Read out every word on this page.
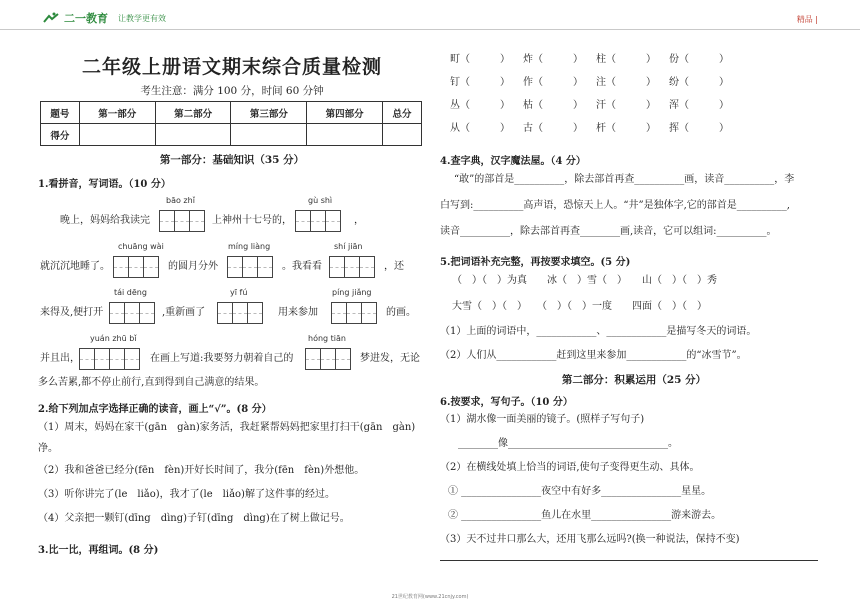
二一教育 让教学更有效	精品 |
二年级上册语文期末综合质量检测
考生注意：满分 100 分，时间 60 分钟
题号	第一部分	第二部分	第三部分	第四部分	总分
得分					
第一部分：基础知识（35 分）
1.看拼音，写词语。（10 分）
bāo zhǐ	gù shì
晚上，妈妈给我读完	上神州十七号的，	，
chuāng wài	míng liàng	shí jiān
就沉沉地睡了。	的圆月分外	。我看看	，还
tái dēng	yī fú	píng jiǎng
来得及,便打开	,重新画了	用来参加	的画。
yuán zhū bǐ	hóng tiān
并且出，	在画上写道:我要努力朝着自己的	梦进发，无论
多么苦累,都不停止前行,直到得到自己满意的结果。
2.给下列加点字选择正确的读音，画上“√”。(8 分）
（1）周末，妈妈在家干(gān　gàn)家务活，我赶紧帮妈妈把家里打扫干(gān　gàn)
净。
（2）我和爸爸已经分(fēn　fèn)开好长时间了，我分(fēn　fèn)外想他。
（3）听你讲完了(le　liǎo)，我才了(le　liǎo)解了这件事的经过。
（4）父亲把一颗钉(dīng　dìng)子钉(dīng　dìng)在了树上做记号。
3.比一比，再组词。(8 分)
町（　　　）	炸（　　　）	柱（　　　）	份（　　　）
钉（　　　）	作（　　　）	注（　　　）	纷（　　　）
丛（　　　）	枯（　　　）	汗（　　　）	浑（　　　）
从（　　　）	古（　　　）	杆（　　　）	挥（　　　）
4.查字典，汉字魔法屋。（4 分）
“敢”的部首是__________，除去部首再查__________画，读音__________，李
白写到:__________高声语，恐惊天上人。“井”是独体字,它的部首是__________,
读音__________，除去部首再查________画,读音，它可以组词:__________。
5.把词语补充完整，再按要求填空。(5 分)
（　）（　）为真　　冰（　）雪（　）　　山（　）（　）秀
大雪（　）（　）　　（　）（　）一度　　四面（　）（　）
（1）上面的词语中，____________、____________是描写冬天的词语。
（2）人们从____________赶到这里来参加____________的“冰雪节”。
第二部分：积累运用（25 分）
6.按要求，写句子。（10 分）
（1）湖水像一面美丽的镜子。(照样子写句子)
________像________________________________。
（2）在横线处填上恰当的词语,使句子变得更生动、具体。
① ________________夜空中有好多________________星星。
② ________________鱼儿在水里________________游来游去。
（3）天不过井口那么大，还用飞那么远吗?(换一种说法，保持不变)
21世纪教育网(www.21cnjy.com)
